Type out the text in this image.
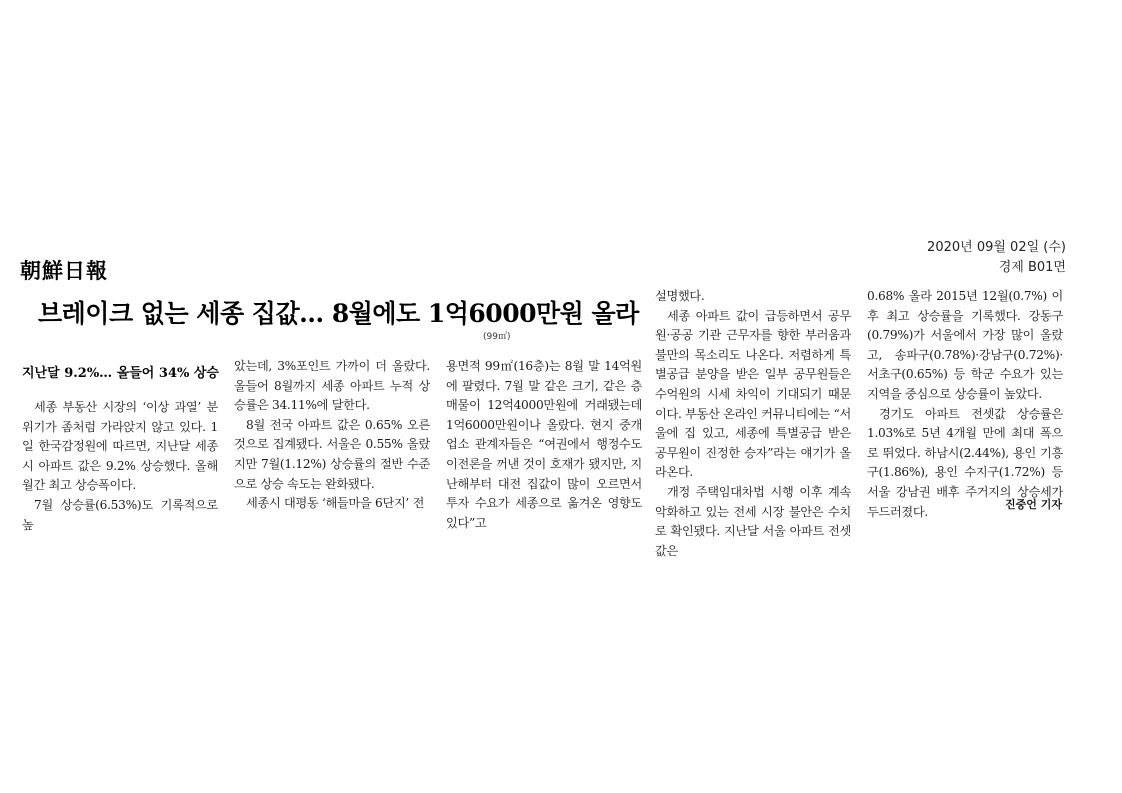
朝鮮日報
2020년 09월 02일 (수)
경제 B01면
브레이크 없는 세종 집값… 8월에도 1억6000만원 올라
(99㎡)
지난달 9.2%… 올들어 34% 상승

세종 부동산 시장의 ‘이상 과열’ 분위기가 좀처럼 가라앉지 않고 있다. 1일 한국감정원에 따르면, 지난달 세종시 아파트 값은 9.2% 상승했다. 올해 월간 최고 상승폭이다.

7월 상승률(6.53%)도 기록적으로 높

았는데, 3%포인트 가까이 더 올랐다. 올들어 8월까지 세종 아파트 누적 상승률은 34.11%에 달한다.

8월 전국 아파트 값은 0.65% 오른 것으로 집계됐다. 서울은 0.55% 올랐지만 7월(1.12%) 상승률의 절반 수준으로 상승 속도는 완화됐다.

세종시 대평동 ‘해들마을 6단지’ 전

용면적 99㎡(16층)는 8월 말 14억원에 팔렸다. 7월 말 같은 크기, 같은 층 매물이 12억4000만원에 거래됐는데 1억6000만원이나 올랐다. 현지 중개업소 관계자들은 “여권에서 행정수도 이전론을 꺼낸 것이 호재가 됐지만, 지난해부터 대전 집값이 많이 오르면서 투자 수요가 세종으로 옮겨온 영향도 있다”고

설명했다.

세종 아파트 값이 급등하면서 공무원·공공 기관 근무자를 향한 부러움과 불만의 목소리도 나온다. 저렴하게 특별공급 분양을 받은 일부 공무원들은 수억원의 시세 차익이 기대되기 때문이다. 부동산 온라인 커뮤니티에는 “서울에 집 있고, 세종에 특별공급 받은 공무원이 진정한 승자”라는 얘기가 올라온다.

개정 주택임대차법 시행 이후 계속 악화하고 있는 전세 시장 불안은 수치로 확인됐다. 지난달 서울 아파트 전셋값은

0.68% 올라 2015년 12월(0.7%) 이후 최고 상승률을 기록했다. 강동구(0.79%)가 서울에서 가장 많이 올랐고, 송파구(0.78%)·강남구(0.72%)·서초구(0.65%) 등 학군 수요가 있는 지역을 중심으로 상승률이 높았다.

경기도 아파트 전셋값 상승률은 1.03%로 5년 4개월 만에 최대 폭으로 뛰었다. 하남시(2.44%), 용인 기흥구(1.86%), 용인 수지구(1.72%) 등 서울 강남권 배후 주거지의 상승세가 두드러졌다.

진중언 기자
